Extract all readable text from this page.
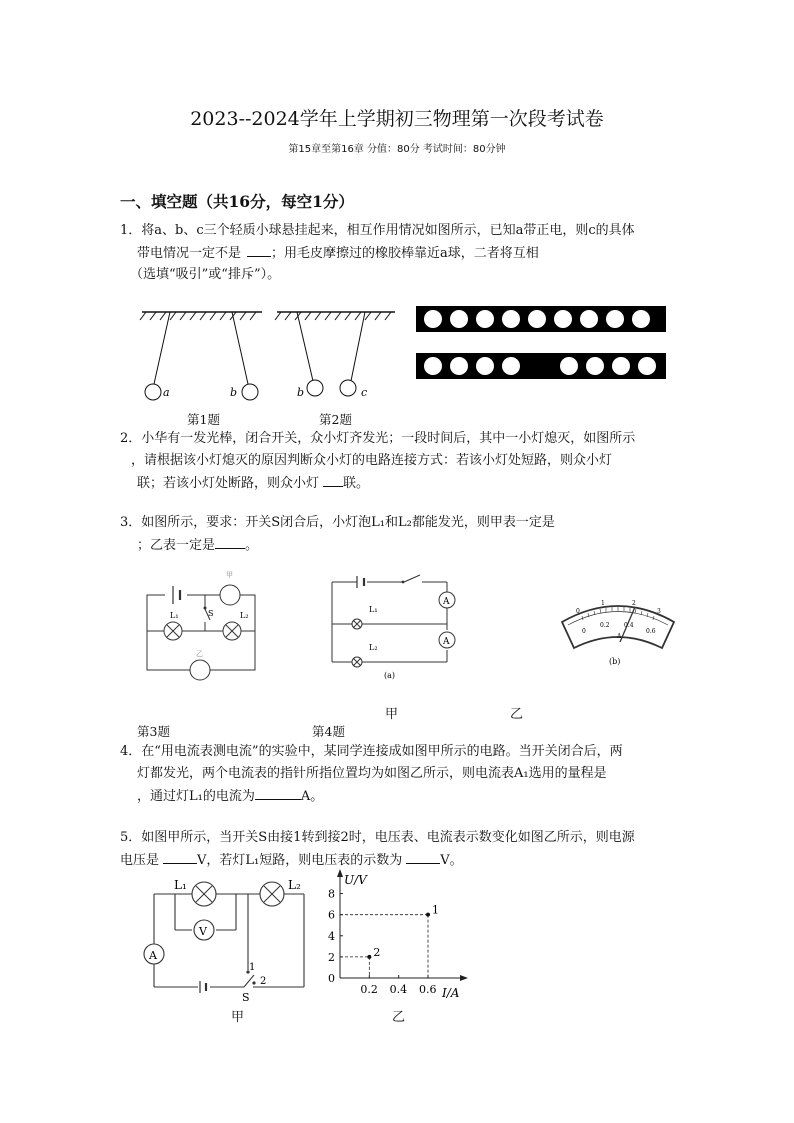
2023--2024学年上学期初三物理第一次段考试卷
第15章至第16章 分值：80分 考试时间：80分钟
一、填空题（共16分，每空1分）
1．将a、b、c三个轻质小球悬挂起来，相互作用情况如图所示，已知a带正电，则c的具体
带电情况一定不是 ；用毛皮摩擦过的橡胶棒靠近a球，二者将互相
（选填“吸引”或“排斥”）。
a	b	b	c
第1题	第2题
2．小华有一发光棒，闭合开关，众小灯齐发光；一段时间后，其中一小灯熄灭，如图所示
，请根据该小灯熄灭的原因判断众小灯的电路连接方式：若该小灯处短路，则众小灯
联；若该小灯处断路，则众小灯 联。
3．如图所示，要求：开关S闭合后，小灯泡L₁和L₂都能发光，则甲表一定是
；乙表一定是 。
甲
S
L₁	L₂
乙
A
A
L₁
L₂
(a)
0
1	2
3
0
0.2 0.4
0.6
A
(b)
甲	乙
第3题	第4题
4．在“用电流表测电流”的实验中，某同学连接成如图甲所示的电路。当开关闭合后，两
灯都发光，两个电流表的指针所指位置均为如图乙所示，则电流表A₁选用的量程是
，通过灯L₁的电流为	A。
5．如图甲所示，当开关S由接1转到接2时，电压表、电流表示数变化如图乙所示，则电源
电压是	V，若灯L₁短路，则电压表的示数为	V。
L₁	L₂
V
A
1
2
S
甲
0
2
4
6
8
0.2 0.4 0.6
1
2
U/V
I/A
乙
